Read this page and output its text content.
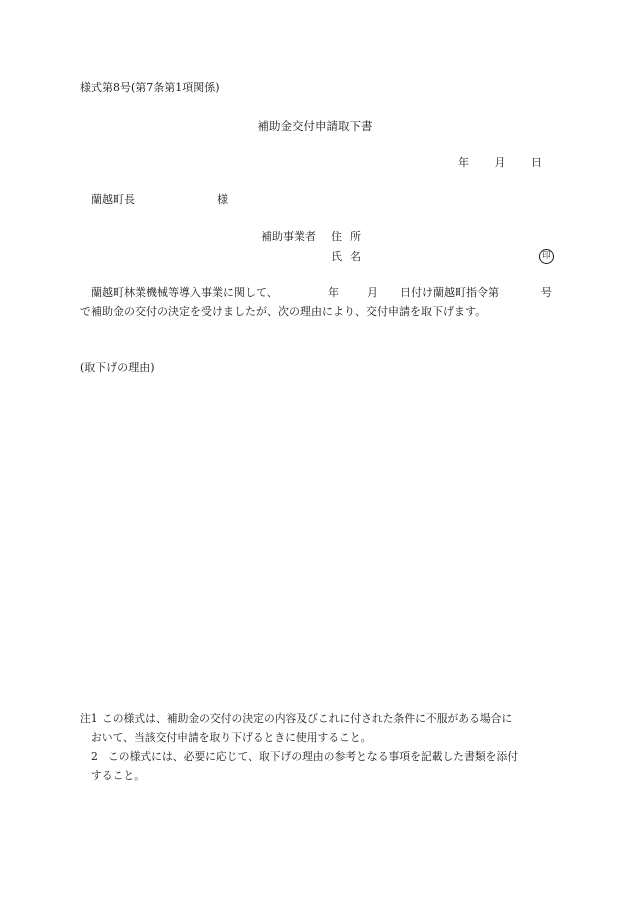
様式第8号(第7条第1項関係)
補助金交付申請取下書
年 月 日
蘭越町長	様
補助事業者 住所
氏名	印
蘭越町林業機械等導入事業に関して、	年	月 日付け蘭越町指令第	号
で補助金の交付の決定を受けましたが、次の理由により、交付申請を取下げます。
(取下げの理由)
注1 この様式は、補助金の交付の決定の内容及びこれに付された条件に不服がある場合に
おいて、当該交付申請を取り下げるときに使用すること。
2 この様式には、必要に応じて、取下げの理由の参考となる事項を記載した書類を添付
すること。
